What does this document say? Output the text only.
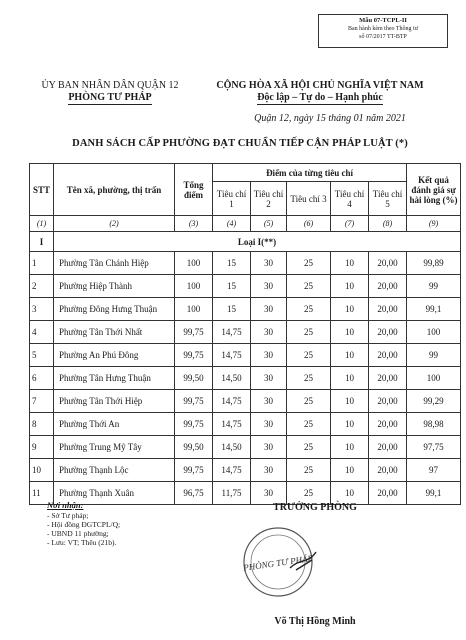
Mẫu 07-TCPL-II
Ban hành kèm theo Thông tư
số 07/2017 TT-BTP
ỦY BAN NHÂN DÂN QUẬN 12
PHÒNG TƯ PHÁP
CỘNG HÒA XÃ HỘI CHỦ NGHĨA VIỆT NAM
Độc lập – Tự do – Hạnh phúc
Quận 12, ngày 15 tháng 01 năm 2021
DANH SÁCH CẤP PHƯỜNG ĐẠT CHUẨN TIẾP CẬN PHÁP LUẬT (*)
STT	Tên xã, phường, thị trấn	Tổng điểm	Điểm của từng tiêu chí					Kết quả đánh giá sự hài lòng (%)
			Tiêu chí 1	Tiêu chí 2	Tiêu chí 3	Tiêu chí 4	Tiêu chí 5	
(1)	(2)	(3)	(4)	(5)	(6)	(7)	(8)	(9)
I	Loại I(**)							
1	Phường Tân Chánh Hiệp	100	15	30	25	10	20,00	99,89
2	Phường Hiệp Thành	100	15	30	25	10	20,00	99
3	Phường Đông Hưng Thuận	100	15	30	25	10	20,00	99,1
4	Phường Tân Thới Nhất	99,75	14,75	30	25	10	20,00	100
5	Phường An Phú Đông	99,75	14,75	30	25	10	20,00	99
6	Phường Tân Hưng Thuận	99,50	14,50	30	25	10	20,00	100
7	Phường Tân Thới Hiệp	99,75	14,75	30	25	10	20,00	99,29
8	Phường Thới An	99,75	14,75	30	25	10	20,00	98,98
9	Phường Trung Mỹ Tây	99,50	14,50	30	25	10	20,00	97,75
10	Phường Thạnh Lộc	99,75	14,75	30	25	10	20,00	97
11	Phường Thạnh Xuân	96,75	11,75	30	25	10	20,00	99,1
Nơi nhận:
- Sở Tư pháp;
- Hội đồng ĐGTCPL/Q;
- UBND 11 phường;
- Lưu: VT; Thêu (21b).
TRƯỞNG PHÒNG
PHÒNG TƯ PHÁP
Võ Thị Hồng Minh
